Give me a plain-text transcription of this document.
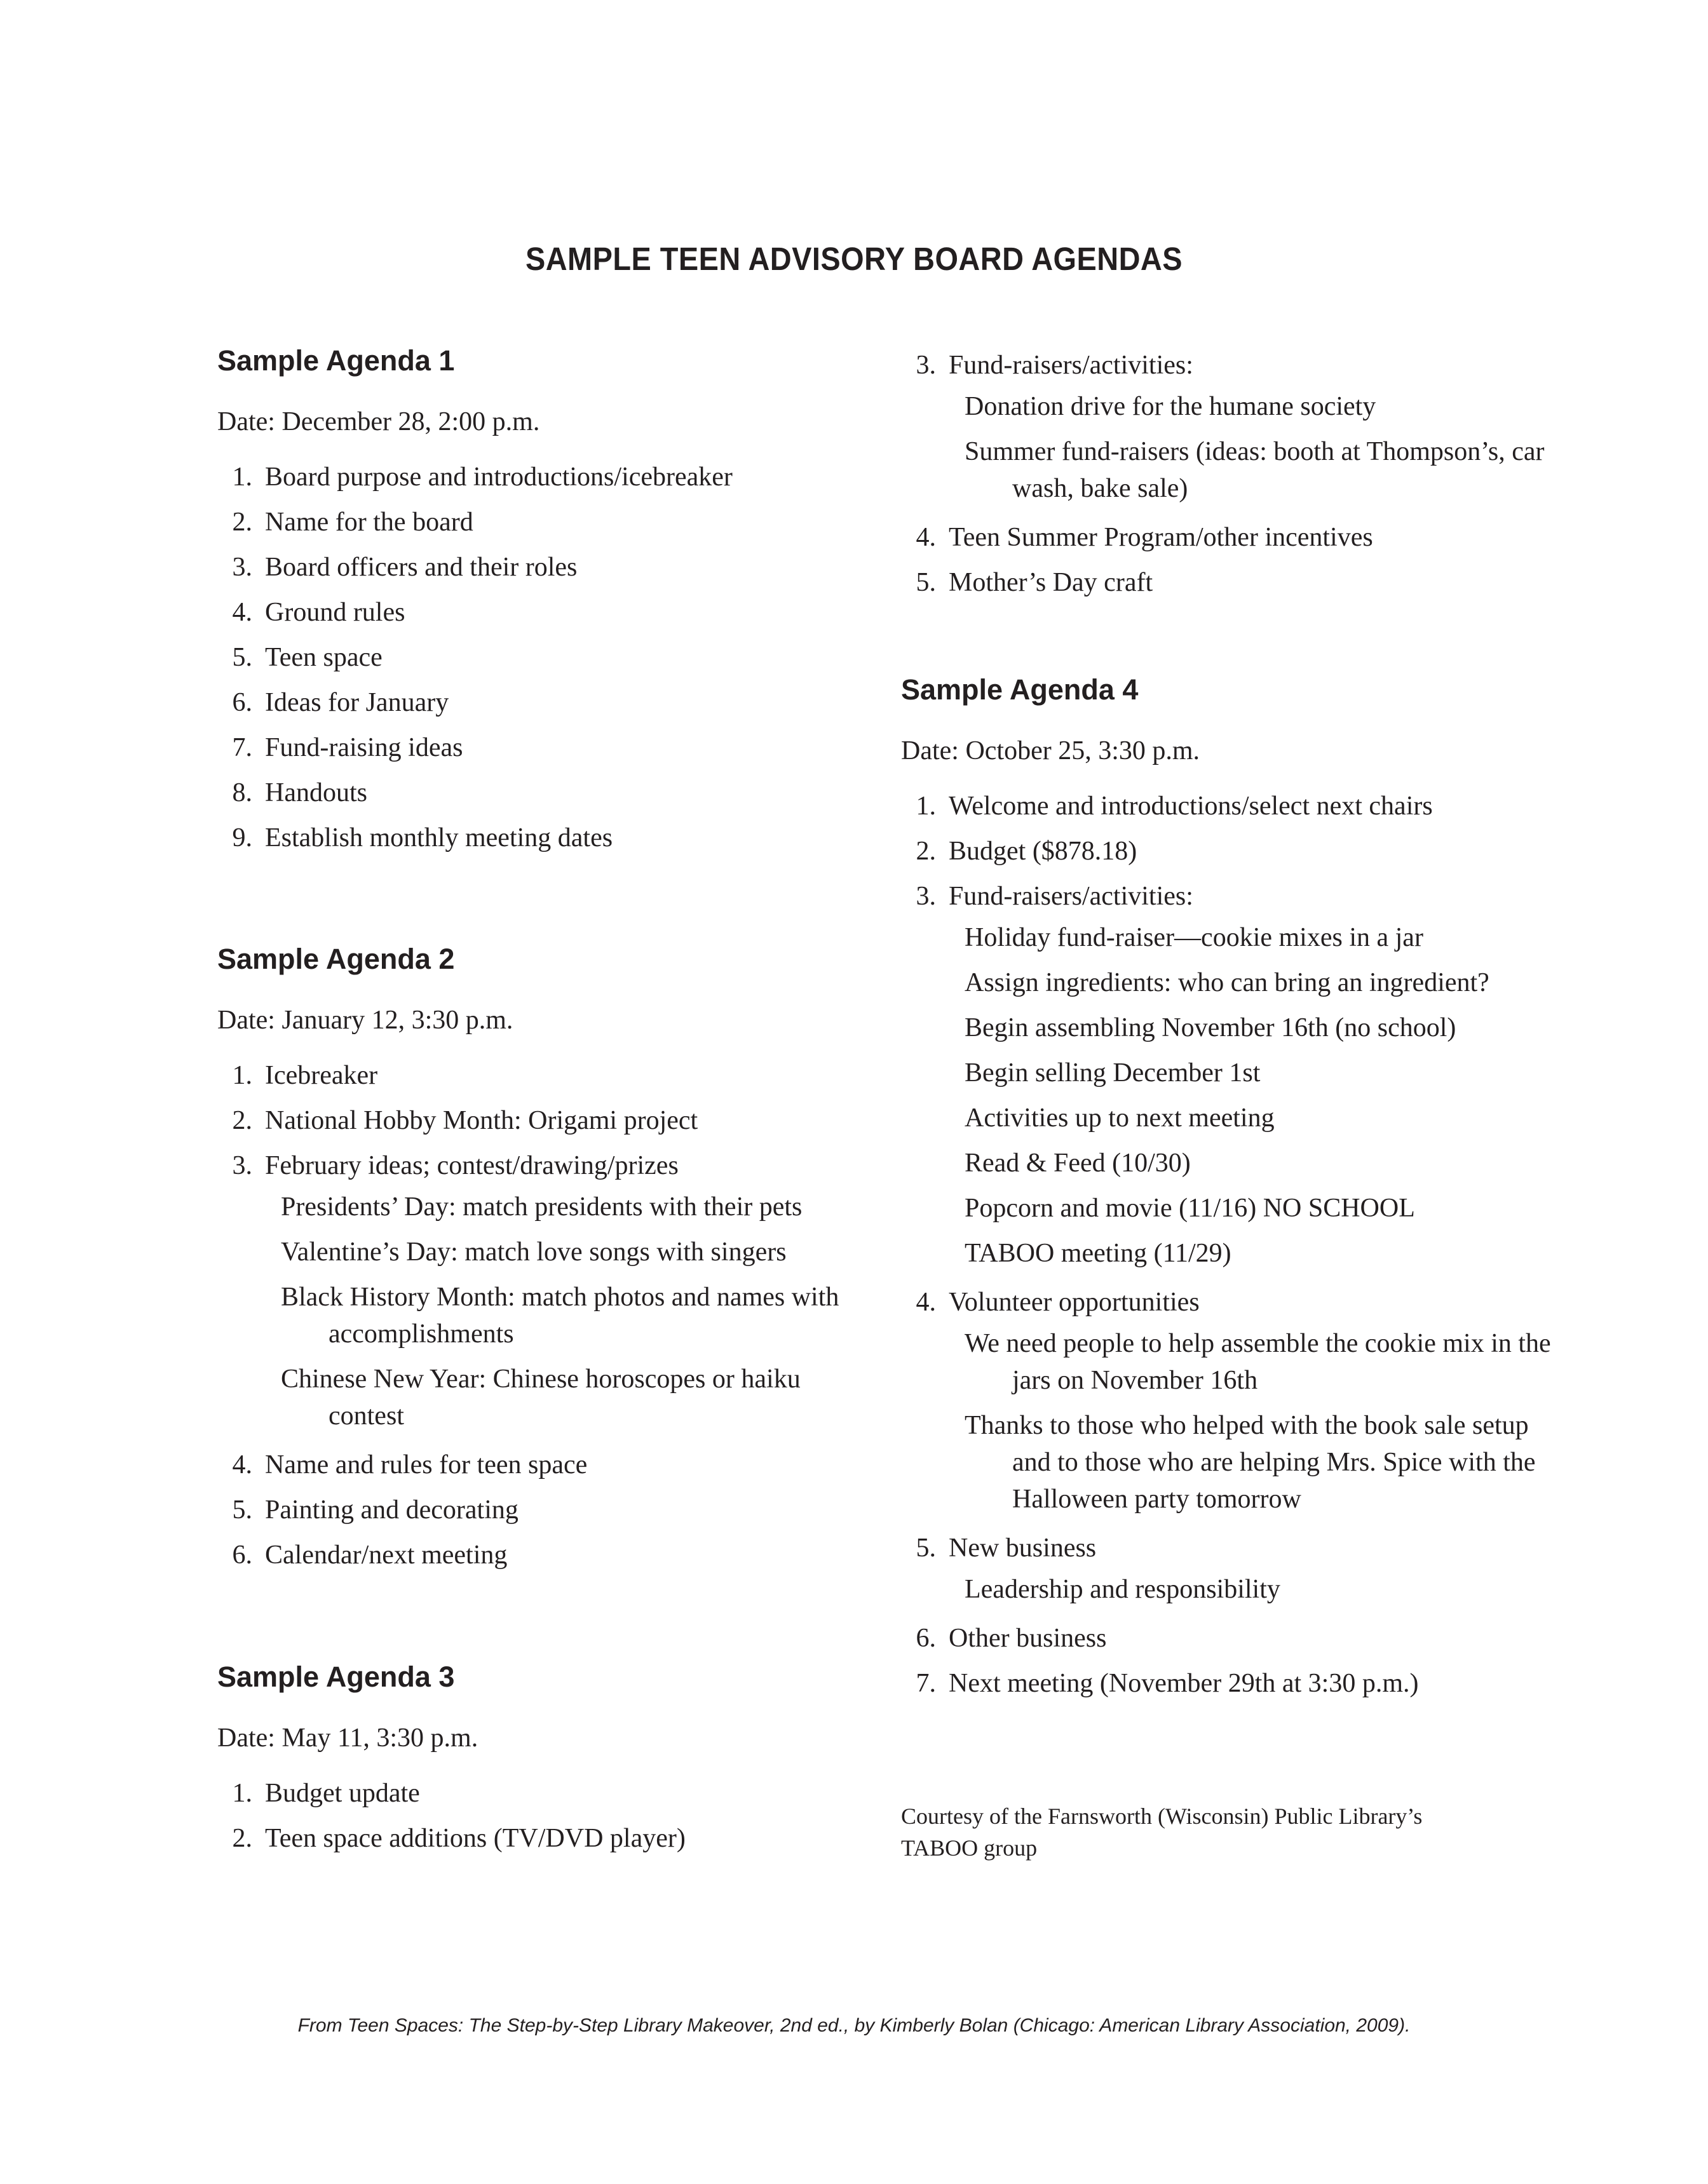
SAMPLE TEEN ADVISORY BOARD AGENDAS
Sample Agenda 1

Date: December 28, 2:00 p.m.

1. Board purpose and introductions/icebreaker
2. Name for the board
3. Board officers and their roles
4. Ground rules
5. Teen space
6. Ideas for January
7. Fund-raising ideas
8. Handouts
9. Establish monthly meeting dates
Sample Agenda 2

Date: January 12, 3:30 p.m.

1. Icebreaker
2. National Hobby Month: Origami project
3. February ideas; contest/drawing/prizes
Presidents’ Day: match presidents with their pets
Valentine’s Day: match love songs with singers
Black History Month: match photos and names with accomplishments
Chinese New Year: Chinese horoscopes or haiku contest
4. Name and rules for teen space
5. Painting and decorating
6. Calendar/next meeting
Sample Agenda 3

Date: May 11, 3:30 p.m.

1. Budget update
2. Teen space additions (TV/DVD player)
3. Fund-raisers/activities:
Donation drive for the humane society
Summer fund-raisers (ideas: booth at Thompson’s, car wash, bake sale)
4. Teen Summer Program/other incentives
5. Mother’s Day craft
Sample Agenda 4

Date: October 25, 3:30 p.m.

1. Welcome and introductions/select next chairs
2. Budget ($878.18)
3. Fund-raisers/activities:
Holiday fund-raiser—cookie mixes in a jar
Assign ingredients: who can bring an ingredient?
Begin assembling November 16th (no school)
Begin selling December 1st
Activities up to next meeting
Read & Feed (10/30)
Popcorn and movie (11/16) NO SCHOOL
TABOO meeting (11/29)
4. Volunteer opportunities
We need people to help assemble the cookie mix in the jars on November 16th
Thanks to those who helped with the book sale setup and to those who are helping Mrs. Spice with the Halloween party tomorrow
5. New business
Leadership and responsibility
6. Other business
7. Next meeting (November 29th at 3:30 p.m.)
Courtesy of the Farnsworth (Wisconsin) Public Library’s
TABOO group
From Teen Spaces: The Step-by-Step Library Makeover, 2nd ed., by Kimberly Bolan (Chicago: American Library Association, 2009).
